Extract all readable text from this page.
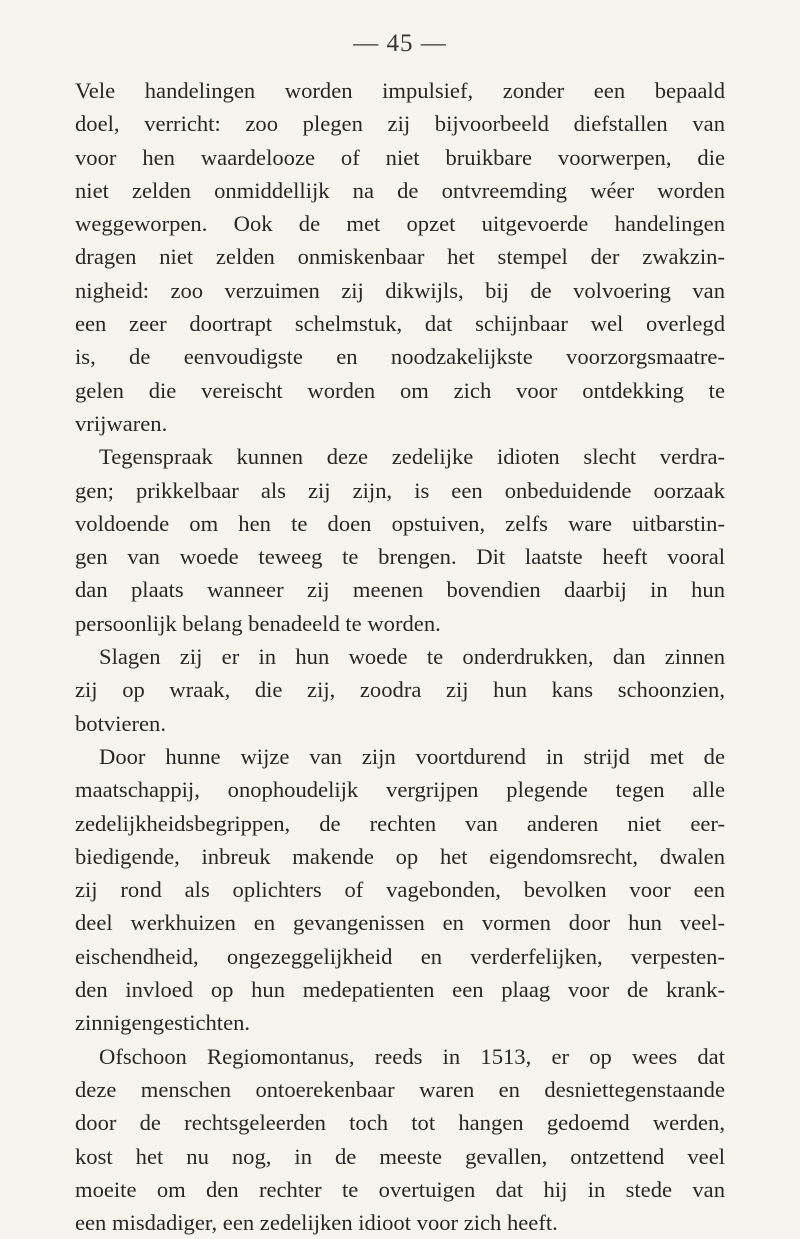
— 45 —
Vele handelingen worden impulsief, zonder een bepaald
doel, verricht: zoo plegen zij bijvoorbeeld diefstallen van
voor hen waardelooze of niet bruikbare voorwerpen, die
niet zelden onmiddellijk na de ontvreemding wéer worden
weggeworpen. Ook de met opzet uitgevoerde handelingen
dragen niet zelden onmiskenbaar het stempel der zwakzin-
nigheid: zoo verzuimen zij dikwijls, bij de volvoering van
een zeer doortrapt schelmstuk, dat schijnbaar wel overlegd
is, de eenvoudigste en noodzakelijkste voorzorgsmaatre-
gelen die vereischt worden om zich voor ontdekking te
vrijwaren.
Tegenspraak kunnen deze zedelijke idioten slecht verdra-
gen; prikkelbaar als zij zijn, is een onbeduidende oorzaak
voldoende om hen te doen opstuiven, zelfs ware uitbarstin-
gen van woede teweeg te brengen. Dit laatste heeft vooral
dan plaats wanneer zij meenen bovendien daarbij in hun
persoonlijk belang benadeeld te worden.
Slagen zij er in hun woede te onderdrukken, dan zinnen
zij op wraak, die zij, zoodra zij hun kans schoonzien,
botvieren.
Door hunne wijze van zijn voortdurend in strijd met de
maatschappij, onophoudelijk vergrijpen plegende tegen alle
zedelijkheidsbegrippen, de rechten van anderen niet eer-
biedigende, inbreuk makende op het eigendomsrecht, dwalen
zij rond als oplichters of vagebonden, bevolken voor een
deel werkhuizen en gevangenissen en vormen door hun veel-
eischendheid, ongezeggelijkheid en verderfelijken, verpesten-
den invloed op hun medepatienten een plaag voor de krank-
zinnigengestichten.
Ofschoon Regiomontanus, reeds in 1513, er op wees dat
deze menschen ontoerekenbaar waren en desniettegenstaande
door de rechtsgeleerden toch tot hangen gedoemd werden,
kost het nu nog, in de meeste gevallen, ontzettend veel
moeite om den rechter te overtuigen dat hij in stede van
een misdadiger, een zedelijken idioot voor zich heeft.
